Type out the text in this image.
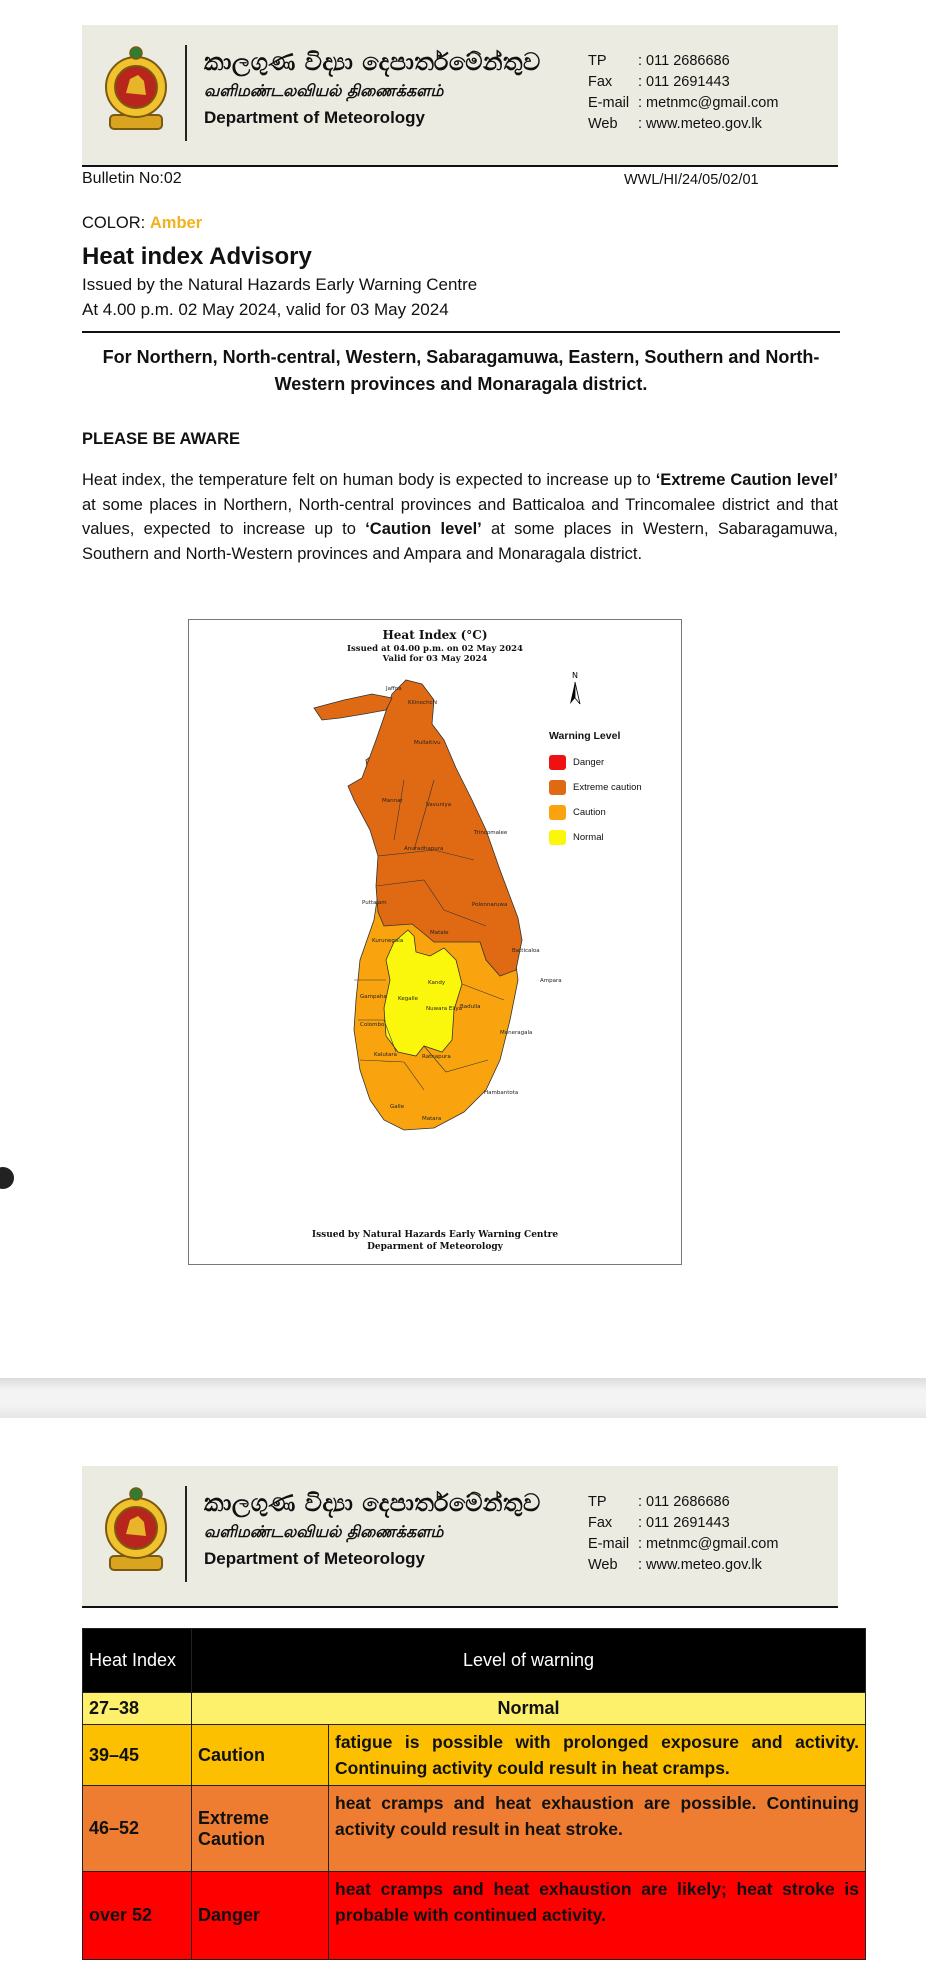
කාලගුණ විද්‍යා දෙපාර්තමේන්තුව
வளிமண்டலவியல் திணைக்களம்
Department of Meteorology
TP	: 011 2686686
Fax	: 011 2691443
E-mail : metnmc@gmail.com
Web	: www.meteo.gov.lk
Bulletin No:02	WWL/HI/24/05/02/01
COLOR: Amber
Heat index Advisory
Issued by the Natural Hazards Early Warning Centre
At 4.00 p.m. 02 May 2024, valid for 03 May 2024
For Northern, North-central, Western, Sabaragamuwa, Eastern, Southern and North-Western provinces and Monaragala district.
PLEASE BE AWARE
Heat index, the temperature felt on human body is expected to increase up to ‘Extreme Caution level’ at some places in Northern, North-central provinces and Batticaloa and Trincomalee district and that values, expected to increase up to ‘Caution level’ at some places in Western, Sabaragamuwa, Southern and North-Western provinces and Ampara and Monaragala district.
Heat Index (°C)
Issued at 04.00 p.m. on 02 May 2024
Valid for 03 May 2024
N
Jaffna
Kilinochchi
Mullaitivu
Mannar
Vavuniya
Trincomalee
Anuradhapura
Puttalam	Polonnaruwa
Kurunegala
Matale
Batticaloa
Kandy	Ampara
Gampaha Kegalle
Nuwara Eliya
Badulla
Colombo
Moneragala
Kalutara	Ratnapura
Hambantota
Galle
Matara
Warning Level
Danger
Extreme caution
Caution
Normal
Issued by Natural Hazards Early Warning Centre
Deparment of Meteorology
කාලගුණ විද්‍යා දෙපාර්තමේන්තුව
வளிமண்டலவியல் திணைக்களம்
Department of Meteorology
TP	: 011 2686686
Fax	: 011 2691443
E-mail : metnmc@gmail.com
Web	: www.meteo.gov.lk
Heat Index	Level of warning	
27–38	Normal	
39–45	Caution	fatigue is possible with prolonged exposure and activity. Continuing activity could result in heat cramps.
46–52	Extreme Caution	heat cramps and heat exhaustion are possible. Continuing activity could result in heat stroke.
over 52	Danger	heat cramps and heat exhaustion are likely; heat stroke is probable with continued activity.
